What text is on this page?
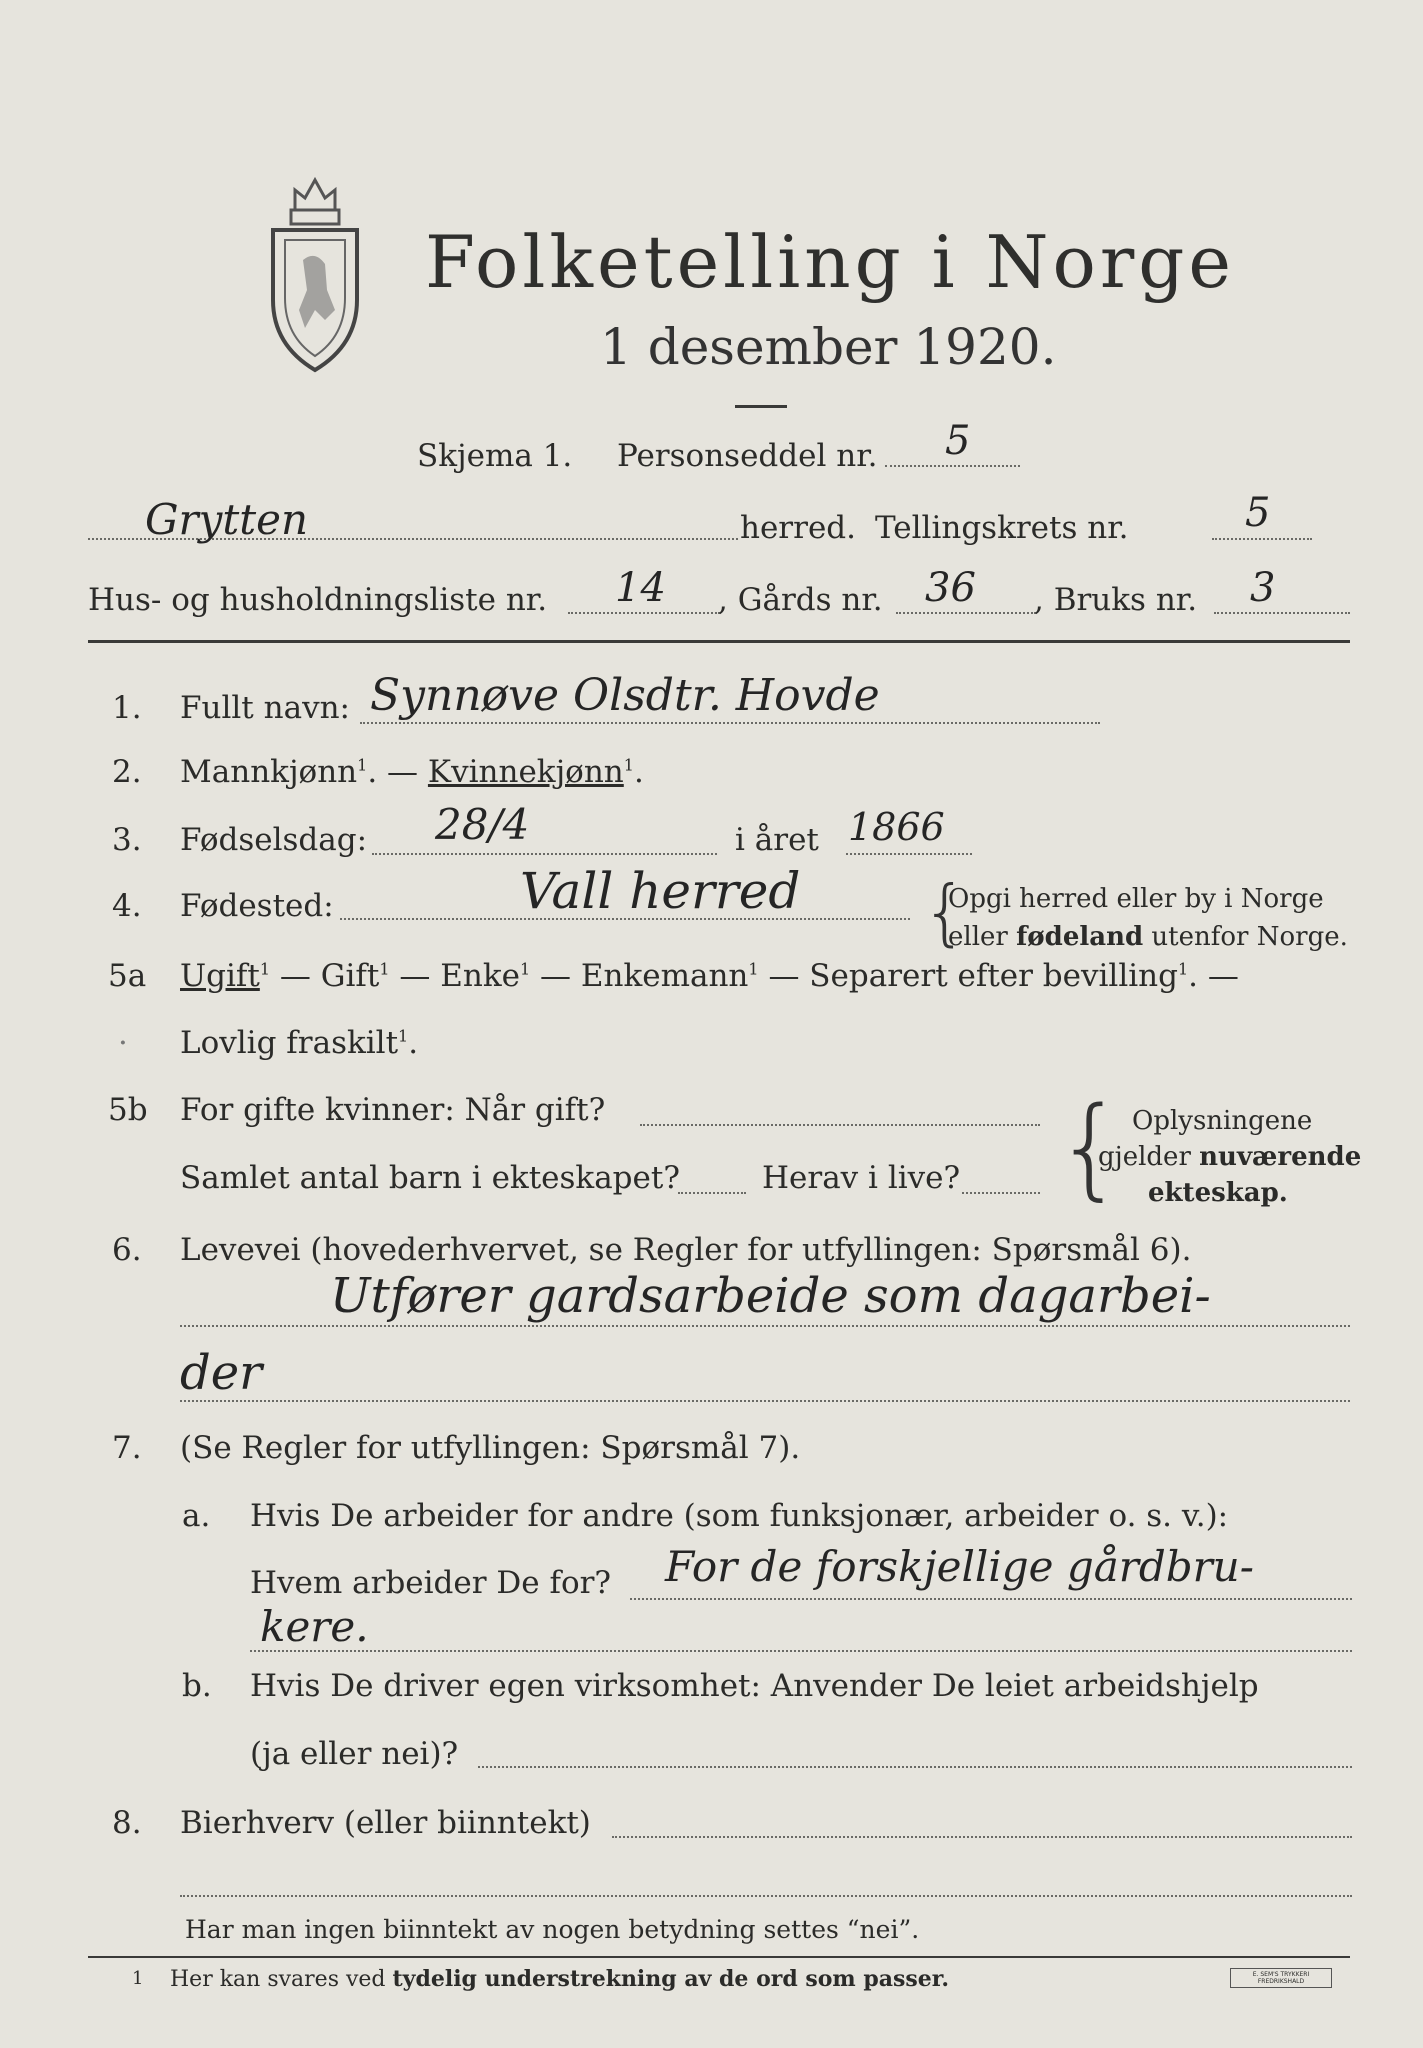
Folketelling i Norge
1 desember 1920.
Skjema 1. Personseddel nr. 5
Grytten	herred. Tellingskrets nr.	5
Hus- og husholdningsliste nr. 14 , Gårds nr. 36 , Bruks nr. 3
1. Fullt navn: Synnøve Olsdtr. Hovde
2. Mannkjønn$^1$. — Kvinnekjønn$^1$.
3. Fødselsdag: 28/4	i året 1866
4. Fødested:	Vall herred {
Opgi herred eller by i Norge
eller fødeland utenfor Norge.
5a Ugift$^1$ — Gift$^1$ — Enke$^1$ — Enkemann$^1$ — Separert efter bevilling$^1$. —
· Lovlig fraskilt$^1$.
5b For gifte kvinner: Når gift?
Samlet antal barn i ekteskapet?	Herav i live? { Oplysningene
gjelder nuværende
ekteskap.
6. Levevei (hovederhvervet, se Regler for utfyllingen: Spørsmål 6).
Utfører gardsarbeide som dagarbei-
der
7. (Se Regler for utfyllingen: Spørsmål 7).
a. Hvis De arbeider for andre (som funksjonær, arbeider o. s. v.):
Hvem arbeider De for? For de forskjellige gårdbru-
kere.
b. Hvis De driver egen virksomhet: Anvender De leiet arbeidshjelp
(ja eller nei)?
8. Bierhverv (eller biinntekt)
Har man ingen biinntekt av nogen betydning settes “nei”.
1 Her kan svares ved tydelig understrekning av de ord som passer.	E. SEM'S TRYKKERI FREDRIKSHALD
